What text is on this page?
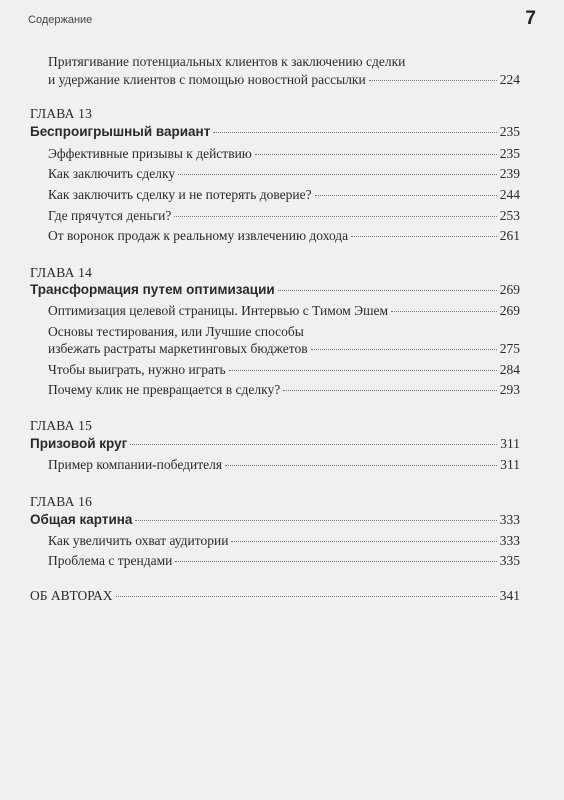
Содержание	7
Притягивание потенциальных клиентов к заключению сделки
и удержание клиентов с помощью новостной рассылки	224
ГЛАВА 13
Беспроигрышный вариант	235
Эффективные призывы к действию	235
Как заключить сделку	239
Как заключить сделку и не потерять доверие?	244
Где прячутся деньги?	253
От воронок продаж к реальному извлечению дохода	261
ГЛАВА 14
Трансформация путем оптимизации	269
Оптимизация целевой страницы. Интервью с Тимом Эшем	269
Основы тестирования, или Лучшие способы
избежать растраты маркетинговых бюджетов	275
Чтобы выиграть, нужно играть	284
Почему клик не превращается в сделку?	293
ГЛАВА 15
Призовой круг	311
Пример компании-победителя	311
ГЛАВА 16
Общая картина	333
Как увеличить охват аудитории	333
Проблема с трендами	335
ОБ АВТОРАХ	341
